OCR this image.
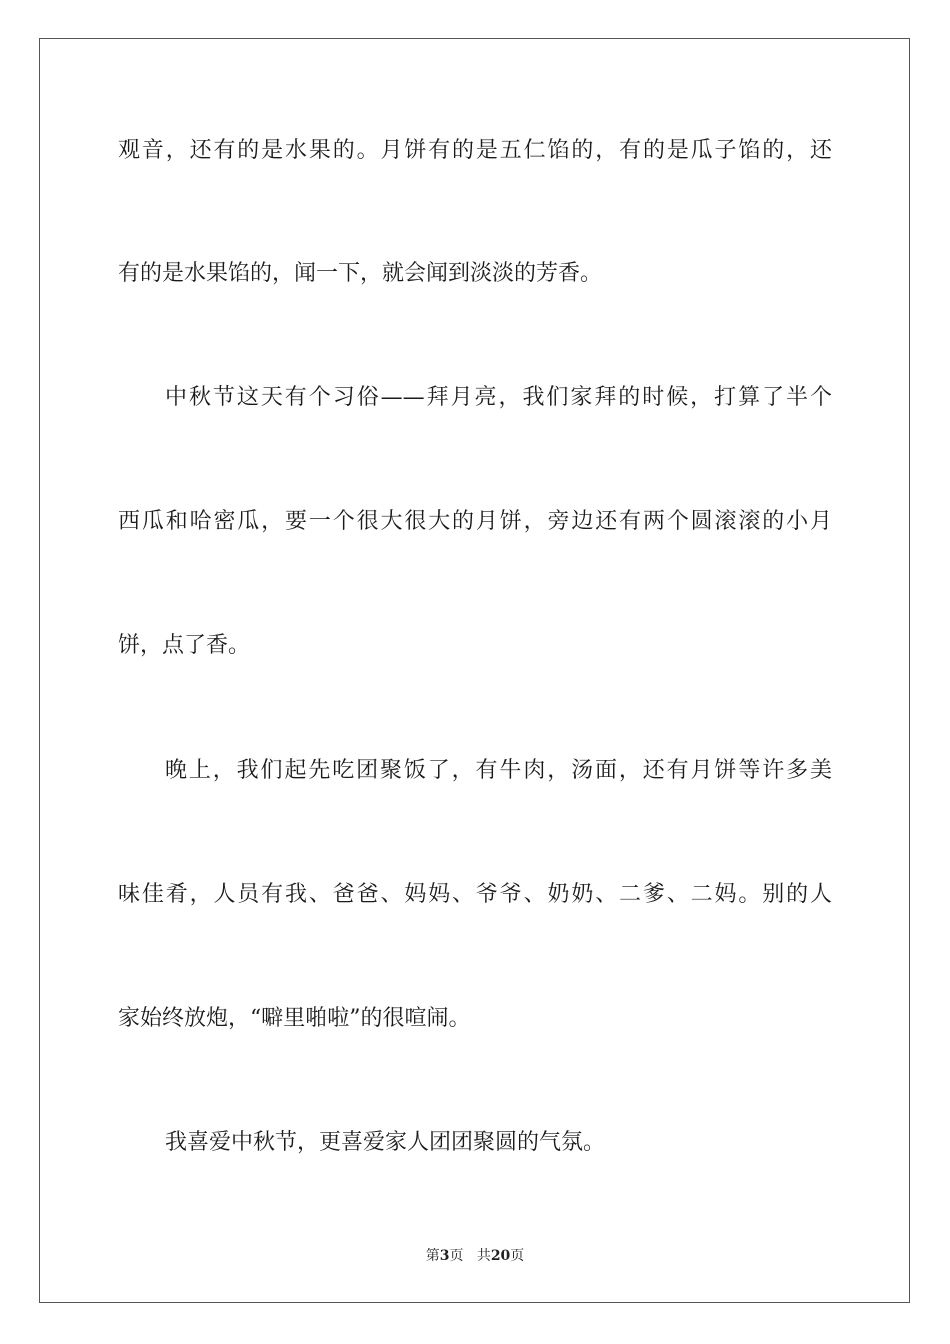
观音，还有的是水果的。月饼有的是五仁馅的，有的是瓜子馅的，还
有的是水果馅的，闻一下，就会闻到淡淡的芳香。
中秋节这天有个习俗——拜月亮，我们家拜的时候，打算了半个
西瓜和哈密瓜，要一个很大很大的月饼，旁边还有两个圆滚滚的小月
饼，点了香。
晚上，我们起先吃团聚饭了，有牛肉，汤面，还有月饼等许多美
味佳肴，人员有我、爸爸、妈妈、爷爷、奶奶、二爹、二妈。别的人
家始终放炮，“噼里啪啦”的很喧闹。
我喜爱中秋节，更喜爱家人团团聚圆的气氛。
第3页 共20页
